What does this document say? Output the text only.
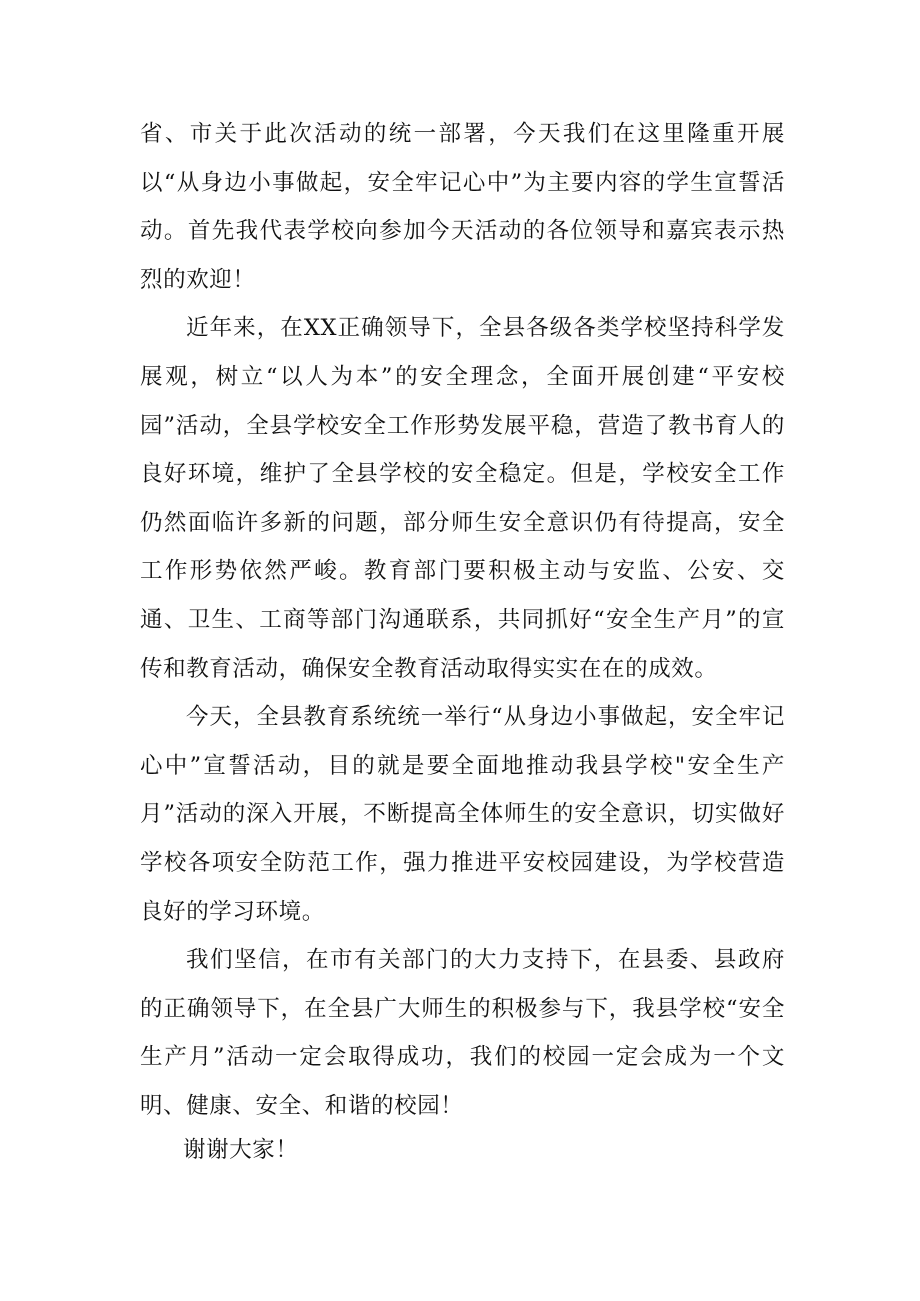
省、市关于此次活动的统一部署，今天我们在这里隆重开展以“从身边小事做起，安全牢记心中”为主要内容的学生宣誓活动。首先我代表学校向参加今天活动的各位领导和嘉宾表示热烈的欢迎！

近年来，在XX正确领导下，全县各级各类学校坚持科学发展观，树立“以人为本”的安全理念，全面开展创建“平安校园”活动，全县学校安全工作形势发展平稳，营造了教书育人的良好环境，维护了全县学校的安全稳定。但是，学校安全工作仍然面临许多新的问题，部分师生安全意识仍有待提高，安全工作形势依然严峻。教育部门要积极主动与安监、公安、交通、卫生、工商等部门沟通联系，共同抓好“安全生产月”的宣传和教育活动，确保安全教育活动取得实实在在的成效。

今天，全县教育系统统一举行“从身边小事做起，安全牢记心中”宣誓活动，目的就是要全面地推动我县学校"安全生产月”活动的深入开展，不断提高全体师生的安全意识，切实做好学校各项安全防范工作，强力推进平安校园建设，为学校营造良好的学习环境。

我们坚信，在市有关部门的大力支持下，在县委、县政府的正确领导下，在全县广大师生的积极参与下，我县学校“安全生产月”活动一定会取得成功，我们的校园一定会成为一个文明、健康、安全、和谐的校园！

谢谢大家！
